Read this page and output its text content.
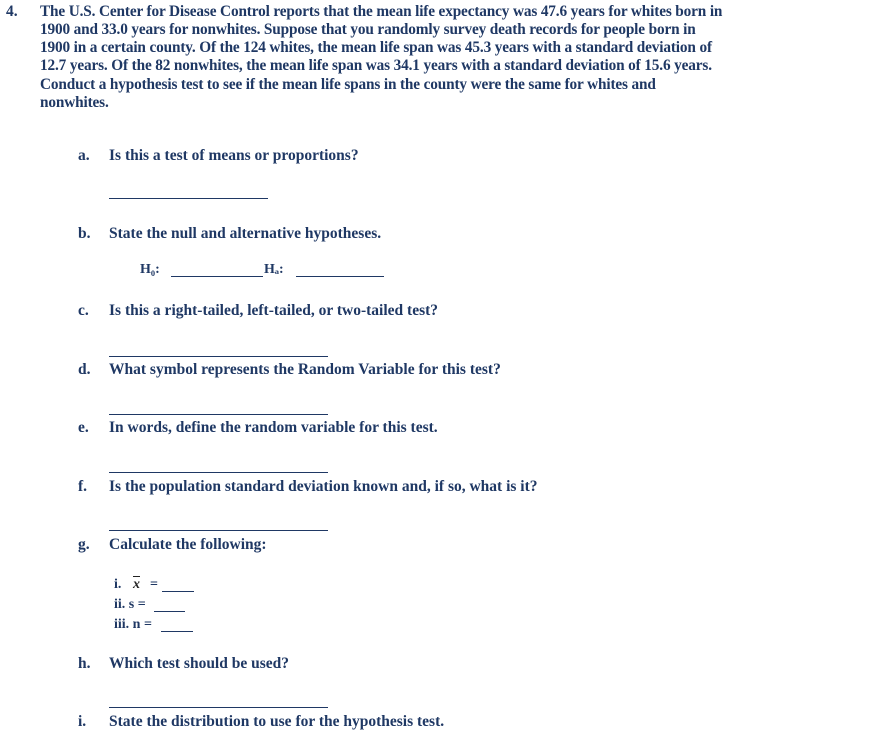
4. The U.S. Center for Disease Control reports that the mean life expectancy was 47.6 years for whites born in
1900 and 33.0 years for nonwhites. Suppose that you randomly survey death records for people born in
1900 in a certain county. Of the 124 whites, the mean life span was 45.3 years with a standard deviation of
12.7 years. Of the 82 nonwhites, the mean life span was 34.1 years with a standard deviation of 15.6 years.
Conduct a hypothesis test to see if the mean life spans in the county were the same for whites and
nonwhites.
a. Is this a test of means or proportions?
b. State the null and alternative hypotheses.
H₀:	Hₐ:
c. Is this a right-tailed, left-tailed, or two-tailed test?
d. What symbol represents the Random Variable for this test?
e. In words, define the random variable for this test.
f. Is the population standard deviation known and, if so, what is it?
g. Calculate the following:
i. $\overline{x}$ =
ii. s =
iii. n =
h. Which test should be used?
i. State the distribution to use for the hypothesis test.
